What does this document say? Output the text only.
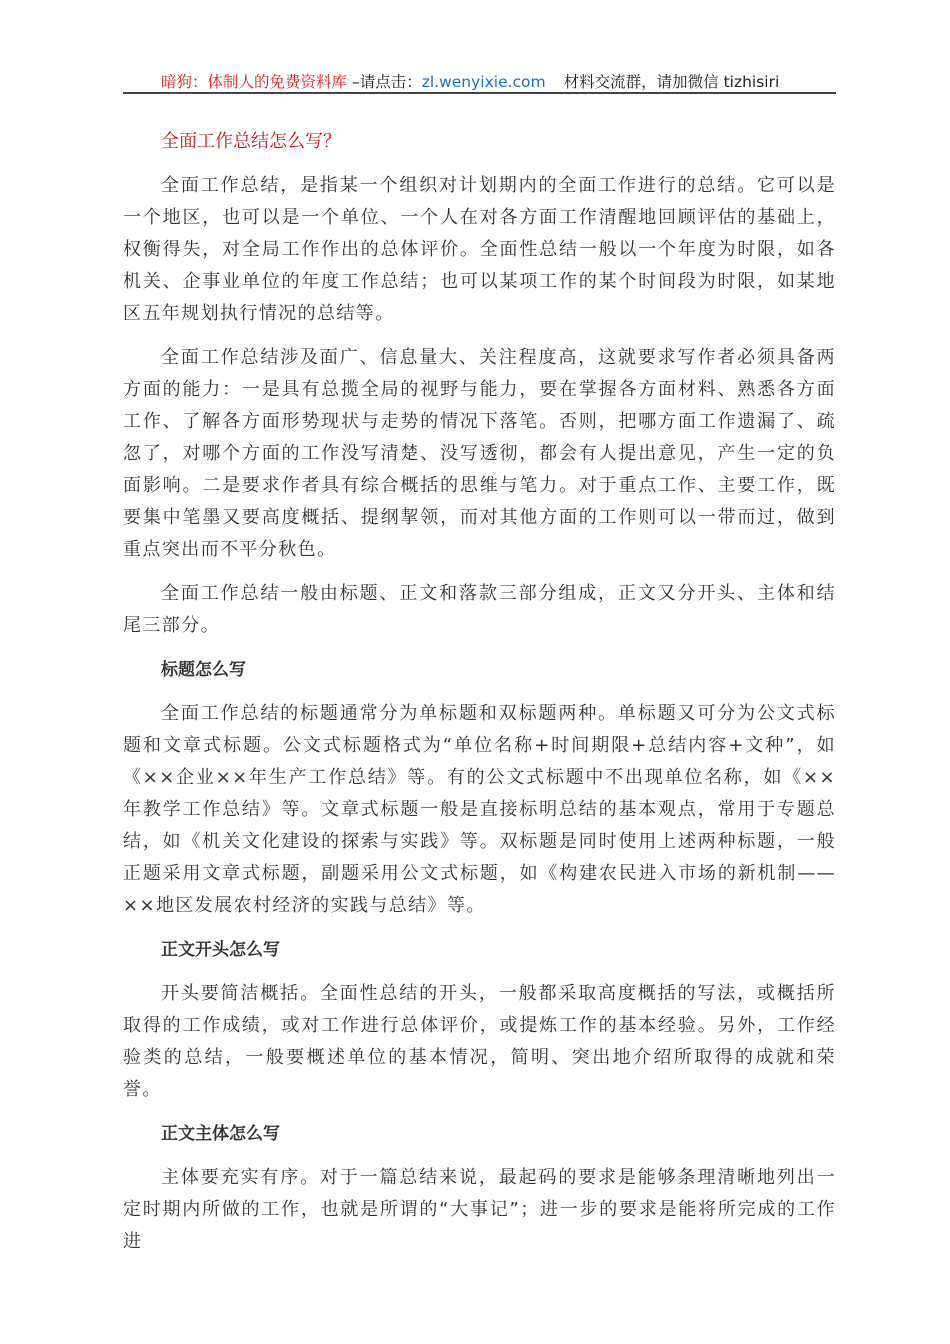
暗狗：体制人的免费资料库 –请点击：zl.wenyixie.com 材料交流群，请加微信 tizhisiri
全面工作总结怎么写？

全面工作总结，是指某一个组织对计划期内的全面工作进行的总结。它可以是一个地区，也可以是一个单位、一个人在对各方面工作清醒地回顾评估的基础上，权衡得失，对全局工作作出的总体评价。全面性总结一般以一个年度为时限，如各机关、企事业单位的年度工作总结；也可以某项工作的某个时间段为时限，如某地区五年规划执行情况的总结等。

全面工作总结涉及面广、信息量大、关注程度高，这就要求写作者必须具备两方面的能力：一是具有总揽全局的视野与能力，要在掌握各方面材料、熟悉各方面工作、了解各方面形势现状与走势的情况下落笔。否则，把哪方面工作遗漏了、疏忽了，对哪个方面的工作没写清楚、没写透彻，都会有人提出意见，产生一定的负面影响。二是要求作者具有综合概括的思维与笔力。对于重点工作、主要工作，既要集中笔墨又要高度概括、提纲挈领，而对其他方面的工作则可以一带而过，做到重点突出而不平分秋色。

全面工作总结一般由标题、正文和落款三部分组成，正文又分开头、主体和结尾三部分。

标题怎么写

全面工作总结的标题通常分为单标题和双标题两种。单标题又可分为公文式标题和文章式标题。公文式标题格式为“单位名称+时间期限+总结内容+文种”，如《××企业××年生产工作总结》等。有的公文式标题中不出现单位名称，如《××年教学工作总结》等。文章式标题一般是直接标明总结的基本观点，常用于专题总结，如《机关文化建设的探索与实践》等。双标题是同时使用上述两种标题，一般正题采用文章式标题，副题采用公文式标题，如《构建农民进入市场的新机制——××地区发展农村经济的实践与总结》等。

正文开头怎么写

开头要简洁概括。全面性总结的开头，一般都采取高度概括的写法，或概括所取得的工作成绩，或对工作进行总体评价，或提炼工作的基本经验。另外，工作经验类的总结，一般要概述单位的基本情况，简明、突出地介绍所取得的成就和荣誉。

正文主体怎么写

主体要充实有序。对于一篇总结来说，最起码的要求是能够条理清晰地列出一定时期内所做的工作，也就是所谓的“大事记”；进一步的要求是能将所完成的工作进
